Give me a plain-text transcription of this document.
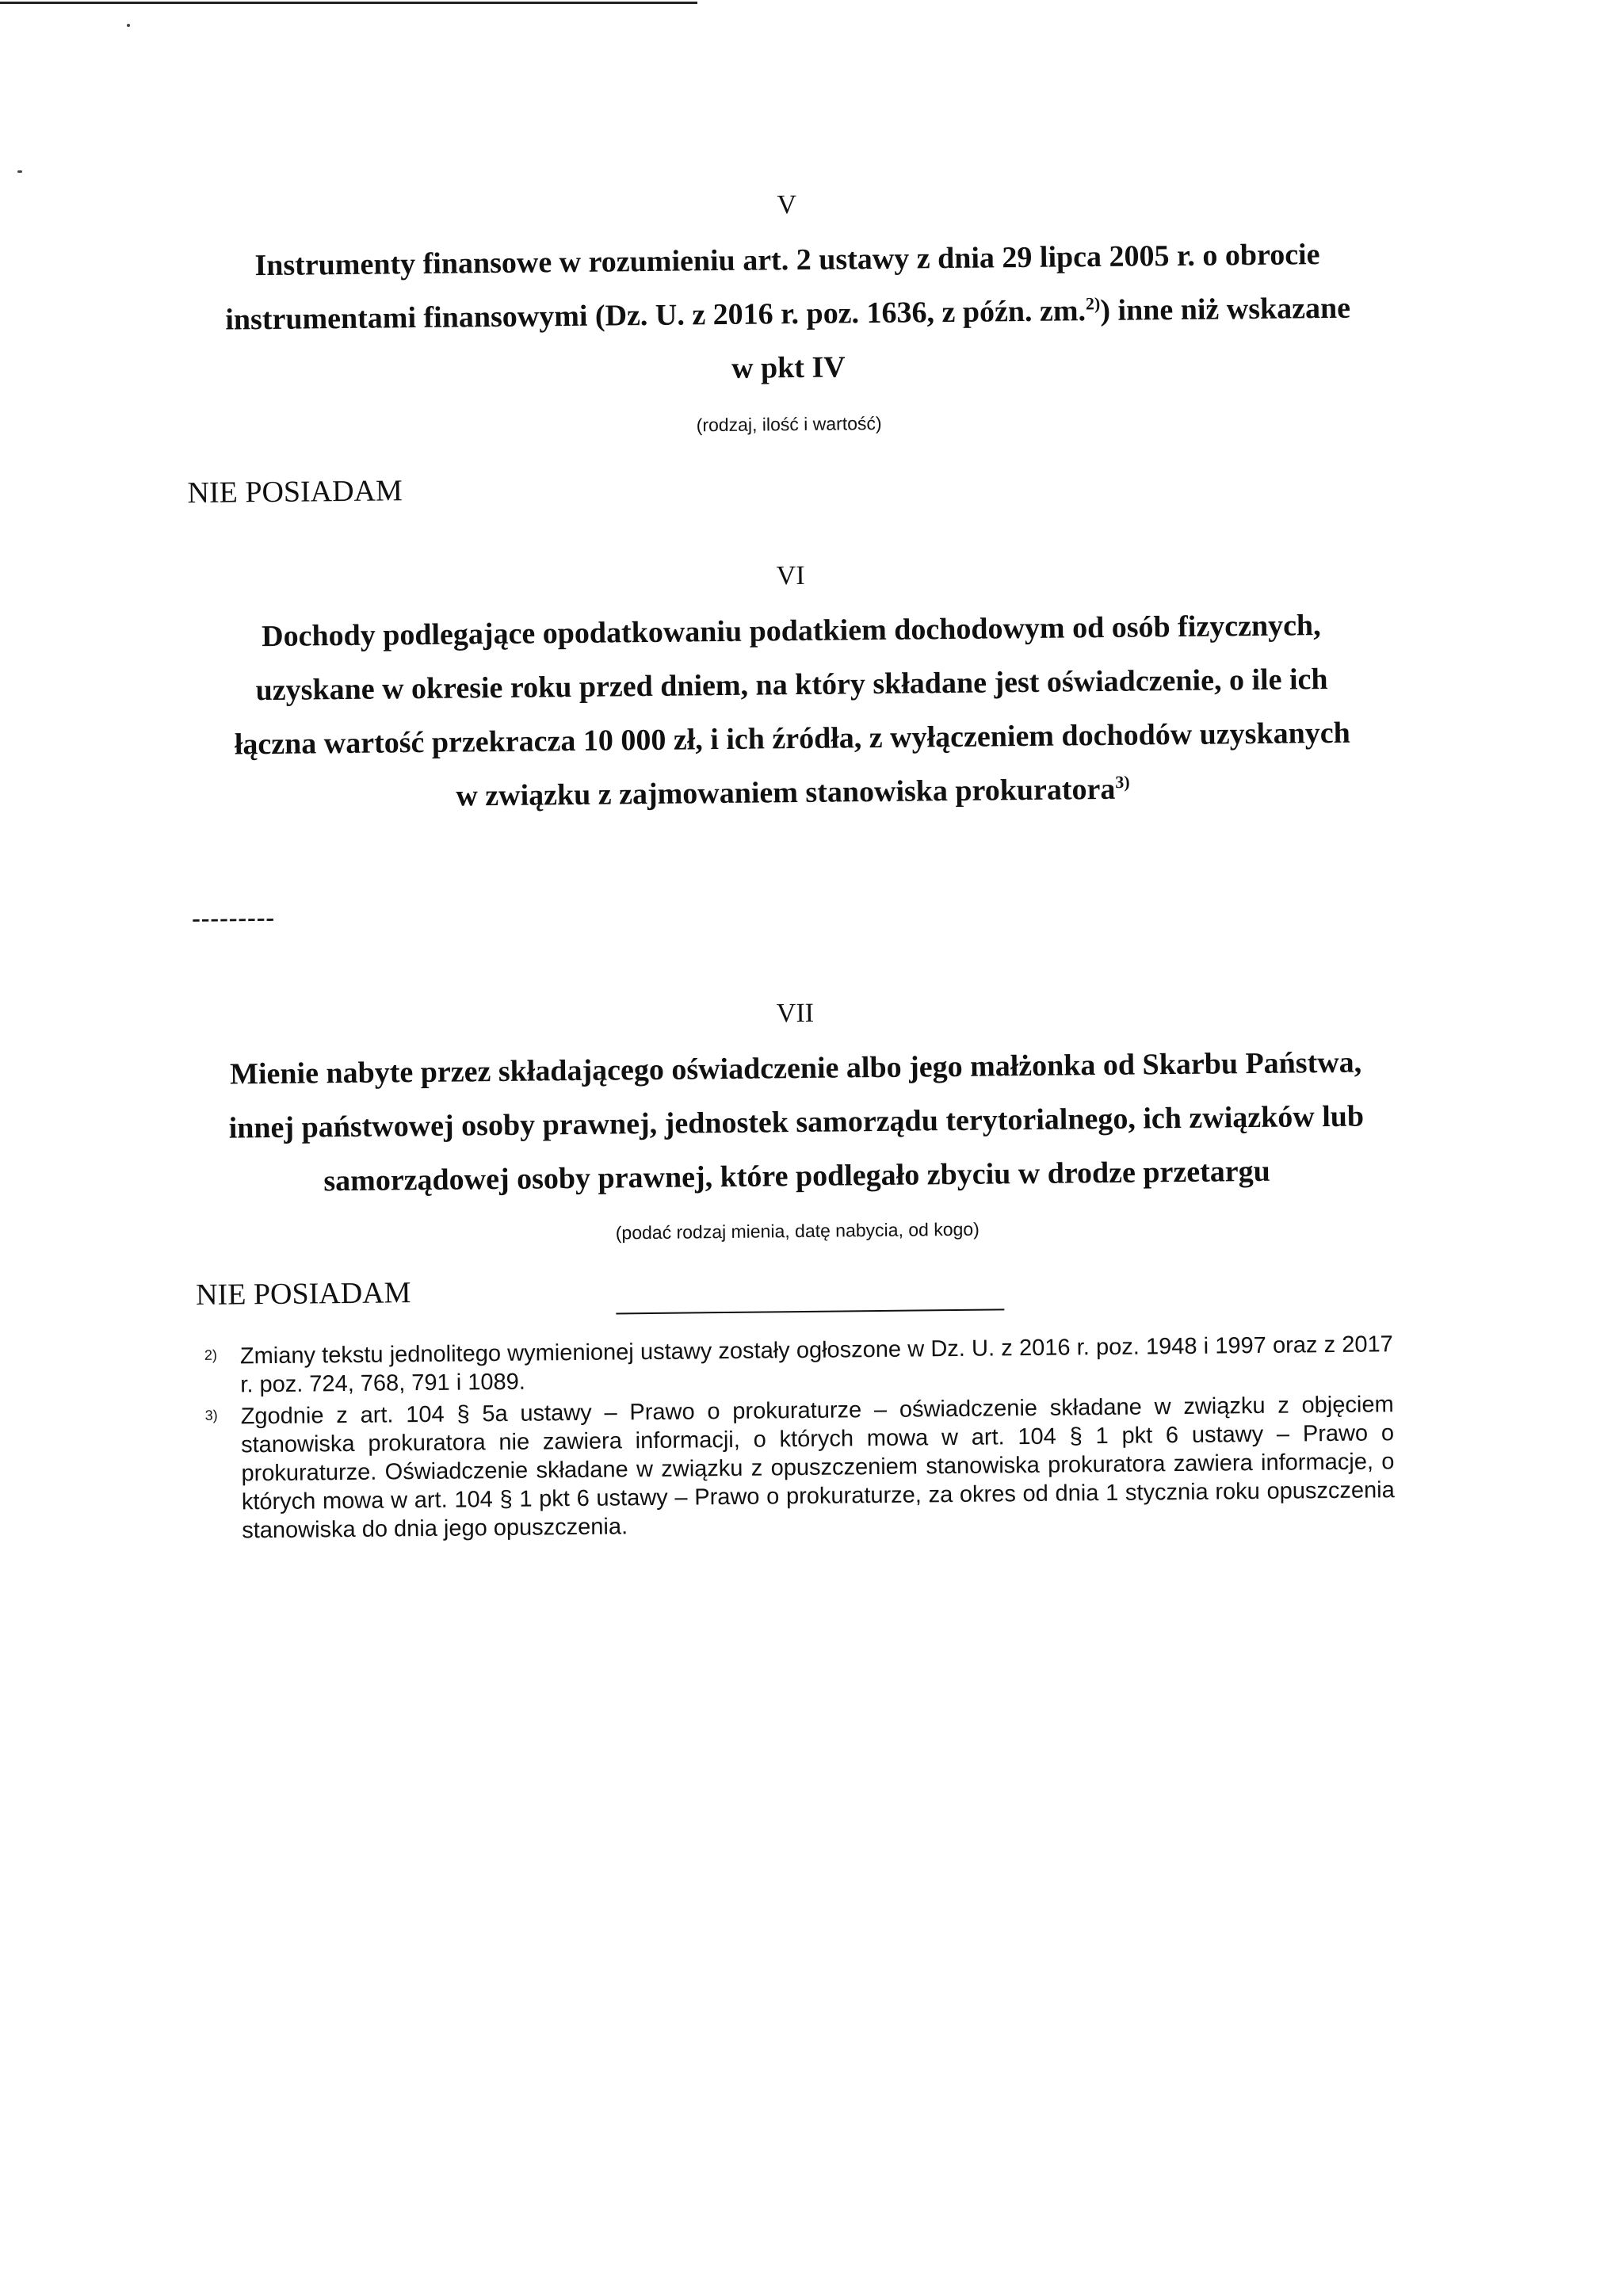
V
Instrumenty finansowe w rozumieniu art. 2 ustawy z dnia 29 lipca 2005 r. o obrocie
instrumentami finansowymi (Dz. U. z 2016 r. poz. 1636, z późn. zm.$^{2)}$) inne niż wskazane
w pkt IV
(rodzaj, ilość i wartość)
NIE POSIADAM
VI
Dochody podlegające opodatkowaniu podatkiem dochodowym od osób fizycznych,
uzyskane w okresie roku przed dniem, na który składane jest oświadczenie, o ile ich
łączna wartość przekracza 10 000 zł, i ich źródła, z wyłączeniem dochodów uzyskanych
w związku z zajmowaniem stanowiska prokuratora$^{3)}$
---------
VII
Mienie nabyte przez składającego oświadczenie albo jego małżonka od Skarbu Państwa,
innej państwowej osoby prawnej, jednostek samorządu terytorialnego, ich związków lub
samorządowej osoby prawnej, które podlegało zbyciu w drodze przetargu
(podać rodzaj mienia, datę nabycia, od kogo)
NIE POSIADAM
2) Zmiany tekstu jednolitego wymienionej ustawy zostały ogłoszone w Dz. U. z 2016 r. poz. 1948 i 1997 oraz z 2017 r. poz. 724, 768, 791 i 1089.
3) Zgodnie z art. 104 § 5a ustawy – Prawo o prokuraturze – oświadczenie składane w związku z objęciem stanowiska prokuratora nie zawiera informacji, o których mowa w art. 104 § 1 pkt 6 ustawy – Prawo o prokuraturze. Oświadczenie składane w związku z opuszczeniem stanowiska prokuratora zawiera informacje, o których mowa w art. 104 § 1 pkt 6 ustawy – Prawo o prokuraturze, za okres od dnia 1 stycznia roku opuszczenia stanowiska do dnia jego opuszczenia.
